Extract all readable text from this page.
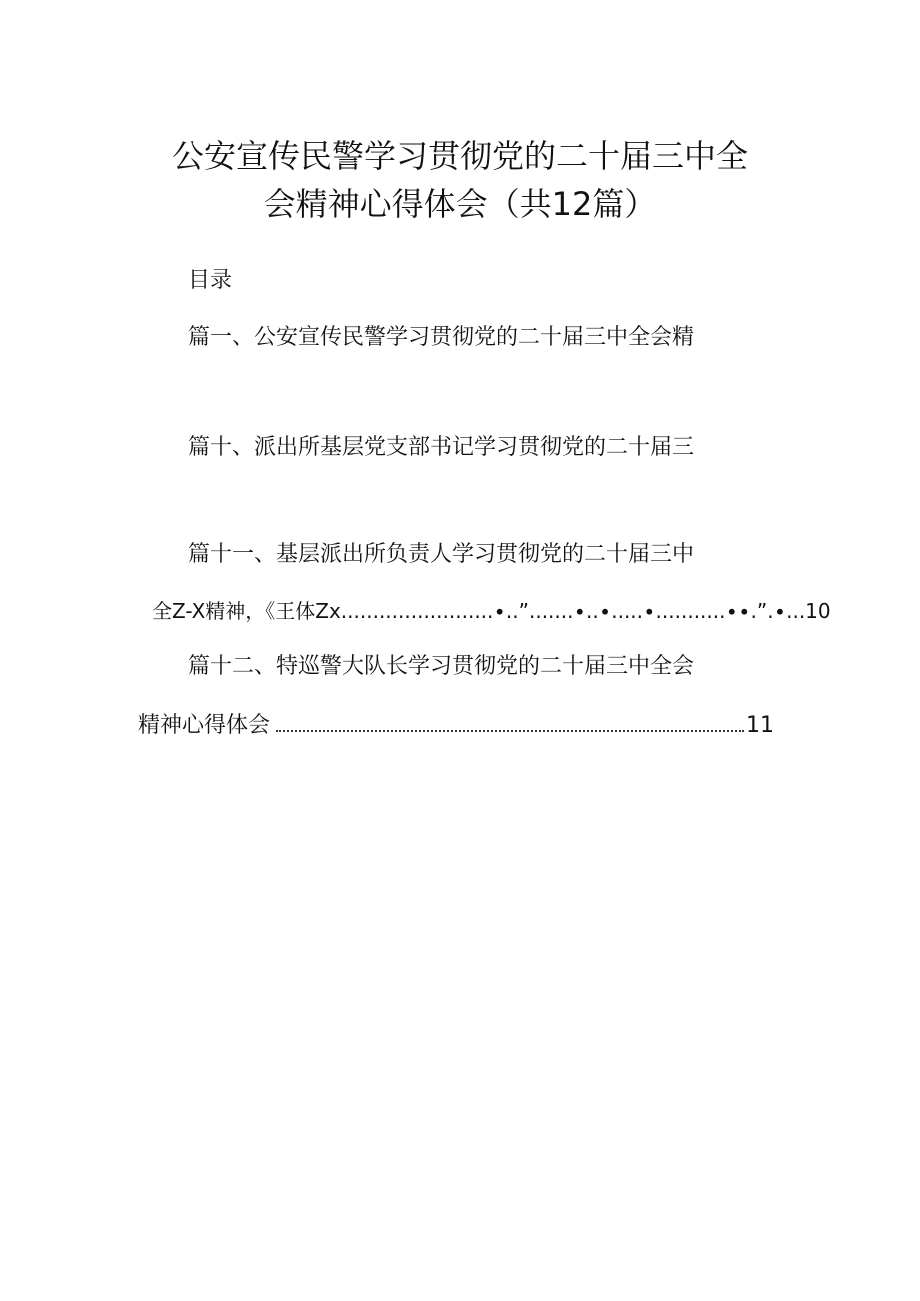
公安宣传民警学习贯彻党的二十届三中全
会精神心得体会（共12篇）
目录
篇一、公安宣传民警学习贯彻党的二十届三中全会精
篇十、派出所基层党支部书记学习贯彻党的二十届三
篇十一、基层派出所负责人学习贯彻党的二十届三中
全Z-X精神，《王体Zx........................∙..”.......∙..∙.....∙...........∙∙.”.∙...10
篇十二、特巡警大队长学习贯彻党的二十届三中全会
精神心得体会	11
